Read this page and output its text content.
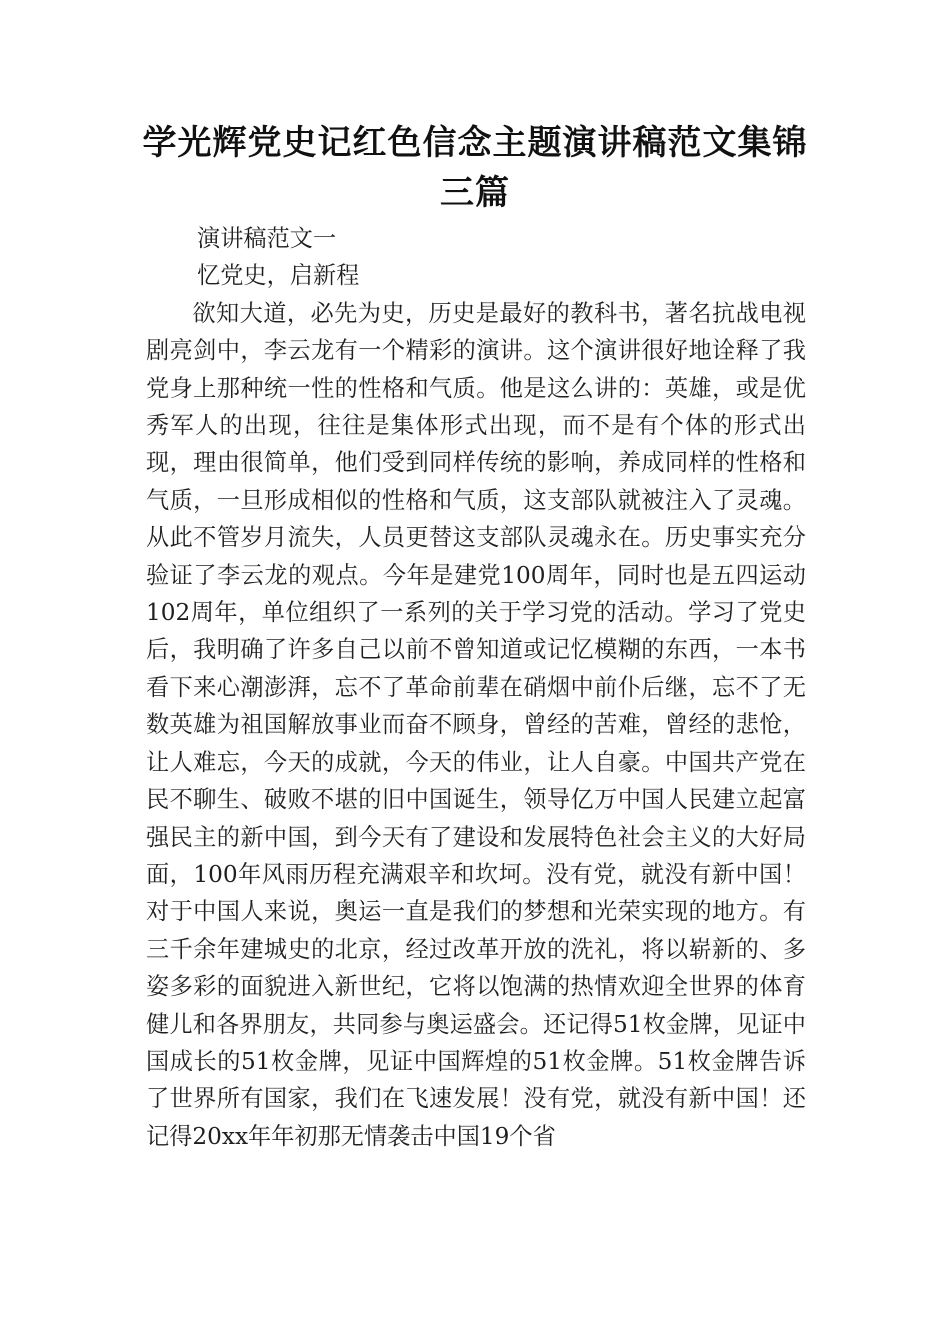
学光辉党史记红色信念主题演讲稿范文集锦
三篇

演讲稿范文一

忆党史，启新程

欲知大道，必先为史，历史是最好的教科书，著名抗战电视剧亮剑中，李云龙有一个精彩的演讲。这个演讲很好地诠释了我党身上那种统一性的性格和气质。他是这么讲的：英雄，或是优秀军人的出现，往往是集体形式出现，而不是有个体的形式出现，理由很简单，他们受到同样传统的影响，养成同样的性格和气质，一旦形成相似的性格和气质，这支部队就被注入了灵魂。从此不管岁月流失，人员更替这支部队灵魂永在。历史事实充分验证了李云龙的观点。今年是建党100周年，同时也是五四运动102周年，单位组织了一系列的关于学习党的活动。学习了党史后，我明确了许多自己以前不曾知道或记忆模糊的东西，一本书看下来心潮澎湃，忘不了革命前辈在硝烟中前仆后继，忘不了无数英雄为祖国解放事业而奋不顾身，曾经的苦难，曾经的悲怆，让人难忘，今天的成就，今天的伟业，让人自豪。中国共产党在民不聊生、破败不堪的旧中国诞生，领导亿万中国人民建立起富强民主的新中国，到今天有了建设和发展特色社会主义的大好局面，100年风雨历程充满艰辛和坎坷。没有党，就没有新中国！对于中国人来说，奥运一直是我们的梦想和光荣实现的地方。有三千余年建城史的北京，经过改革开放的洗礼，将以崭新的、多姿多彩的面貌进入新世纪，它将以饱满的热情欢迎全世界的体育健儿和各界朋友，共同参与奥运盛会。还记得51枚金牌，见证中国成长的51枚金牌，见证中国辉煌的51枚金牌。51枚金牌告诉了世界所有国家，我们在飞速发展！没有党，就没有新中国！还记得20xx年年初那无情袭击中国19个省
